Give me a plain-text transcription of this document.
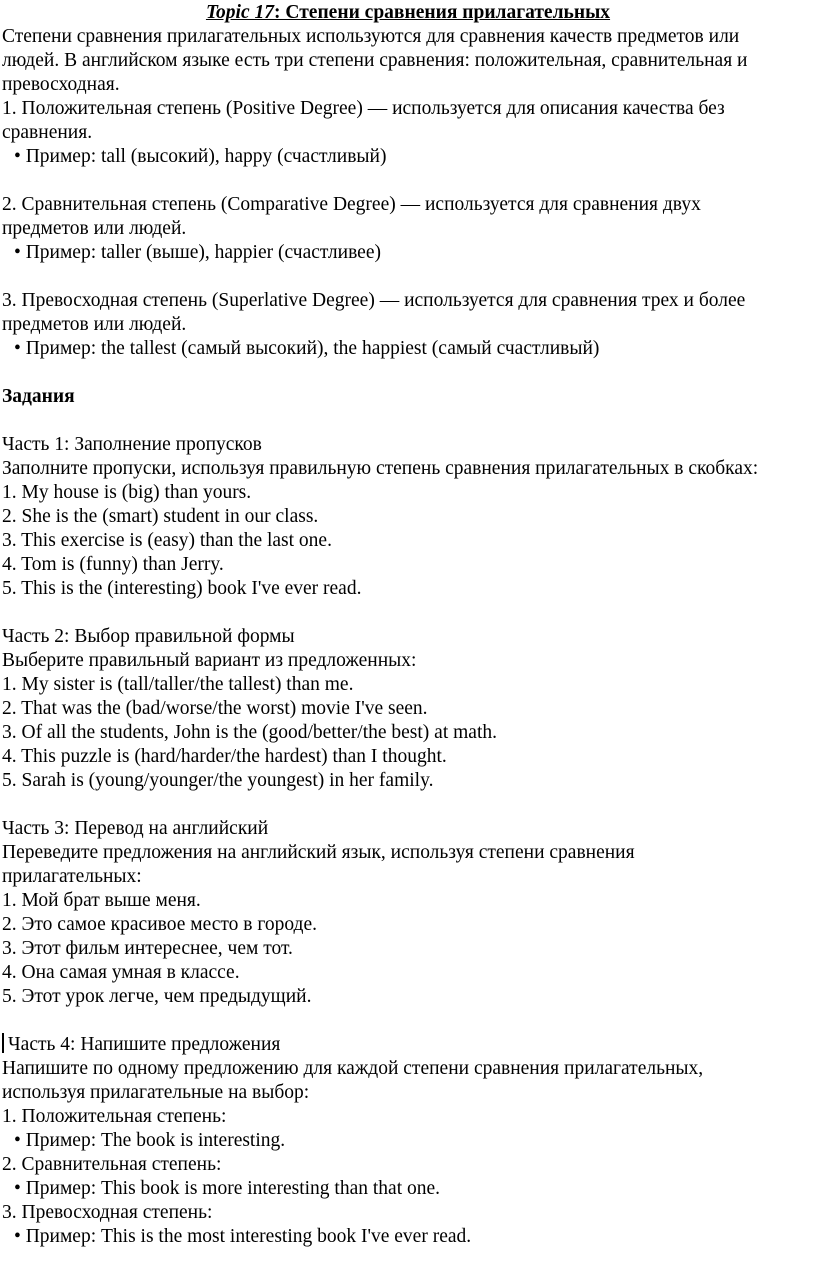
Topic 17: Степени сравнения прилагательных
Степени сравнения прилагательных используются для сравнения качеств предметов или
людей. В английском языке есть три степени сравнения: положительная, сравнительная и
превосходная.
1. Положительная степень (Positive Degree) — используется для описания качества без
сравнения.
• Пример: tall (высокий), happy (счастливый)
2. Сравнительная степень (Comparative Degree) — используется для сравнения двух
предметов или людей.
• Пример: taller (выше), happier (счастливее)
3. Превосходная степень (Superlative Degree) — используется для сравнения трех и более
предметов или людей.
• Пример: the tallest (самый высокий), the happiest (самый счастливый)
Задания
Часть 1: Заполнение пропусков
Заполните пропуски, используя правильную степень сравнения прилагательных в скобках:
1. My house is (big) than yours.
2. She is the (smart) student in our class.
3. This exercise is (easy) than the last one.
4. Tom is (funny) than Jerry.
5. This is the (interesting) book I've ever read.
Часть 2: Выбор правильной формы
Выберите правильный вариант из предложенных:
1. My sister is (tall/taller/the tallest) than me.
2. That was the (bad/worse/the worst) movie I've seen.
3. Of all the students, John is the (good/better/the best) at math.
4. This puzzle is (hard/harder/the hardest) than I thought.
5. Sarah is (young/younger/the youngest) in her family.
Часть 3: Перевод на английский
Переведите предложения на английский язык, используя степени сравнения
прилагательных:
1. Мой брат выше меня.
2. Это самое красивое место в городе.
3. Этот фильм интереснее, чем тот.
4. Она самая умная в классе.
5. Этот урок легче, чем предыдущий.
Часть 4: Напишите предложения
Напишите по одному предложению для каждой степени сравнения прилагательных,
используя прилагательные на выбор:
1. Положительная степень:
• Пример: The book is interesting.
2. Сравнительная степень:
• Пример: This book is more interesting than that one.
3. Превосходная степень:
• Пример: This is the most interesting book I've ever read.
